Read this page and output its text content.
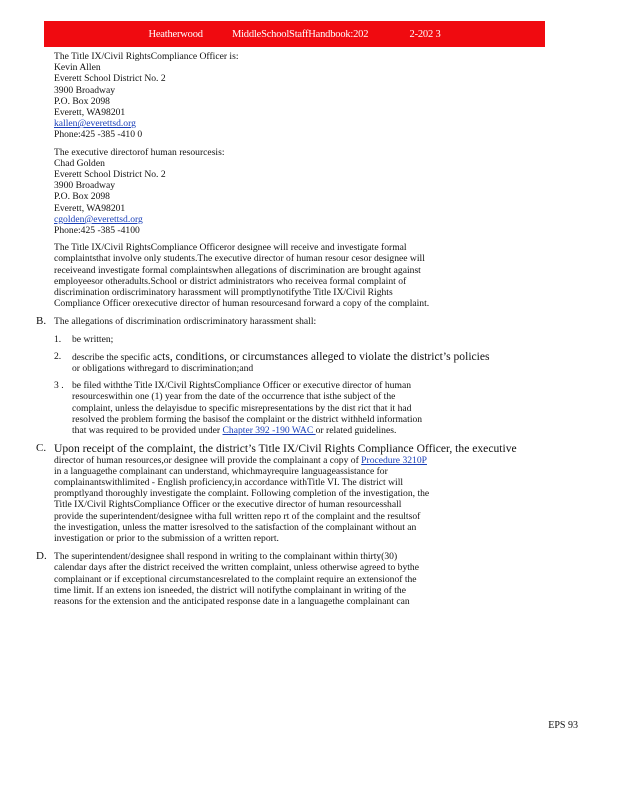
Heatherwood
	MiddleSchoolStaffHandbook:202
	2-202 3
The Title IX/Civil RightsCompliance Officer is:
Kevin Allen
Everett School District No. 2
3900 Broadway
P.O. Box 2098
Everett, WA98201
kallen@everettsd.org
Phone:425 -385 -410 0
The executive directorof human resourcesis:
Chad Golden
Everett School District No. 2
3900 Broadway
P.O. Box 2098
Everett, WA98201
cgolden@everettsd.org
Phone:425 -385 -4100
The Title IX/Civil RightsCompliance Officeror designee will receive and investigate formal
complaintsthat involve only students.The executive director of human resour cesor designee will
receiveand investigate formal complaintswhen allegations of discrimination are brought against
employeesor otheradults.School or district administrators who receivea formal complaint of
discrimination ordiscriminatory harassment will promptlynotifythe Title IX/Civil Rights
Compliance Officer orexecutive director of human resourcesand forward a copy of the complaint.
B. The allegations of discrimination ordiscriminatory harassment shall:
1. be written;
2. describe the specific acts, conditions, or circumstances alleged to violate the district’s policies
or obligations withregard to discrimination;and
3 . be filed withthe Title IX/Civil RightsCompliance Officer or executive director of human
resourceswithin one (1) year from the date of the occurrence that isthe subject of the
complaint, unless the delayisdue to specific misrepresentations by the dist rict that it had
resolved the problem forming the basisof the complaint or the district withheld information
that was required to be provided under Chapter 392 -190 WAC or related guidelines.
C. Upon receipt of the complaint, the district’s Title IX/Civil Rights Compliance Officer, the executive
director of human resources,or designee will provide the complainant a copy of Procedure 3210P
in a languagethe complainant can understand, whichmayrequire languageassistance for
complainantswithlimited - English proficiency,in accordance withTitle VI. The district will
promptlyand thoroughly investigate the complaint. Following completion of the investigation, the
Title IX/Civil RightsCompliance Officer or the executive director of human resourcesshall
provide the superintendent/designee witha full written repo rt of the complaint and the resultsof
the investigation, unless the matter isresolved to the satisfaction of the complainant without an
investigation or prior to the submission of a written report.
D. The superintendent/designee shall respond in writing to the complainant within thirty(30)
calendar days after the district received the written complaint, unless otherwise agreed to bythe
complainant or if exceptional circumstancesrelated to the complaint require an extensionof the
time limit. If an extens ion isneeded, the district will notifythe complainant in writing of the
reasons for the extension and the anticipated response date in a languagethe complainant can
EPS 93
